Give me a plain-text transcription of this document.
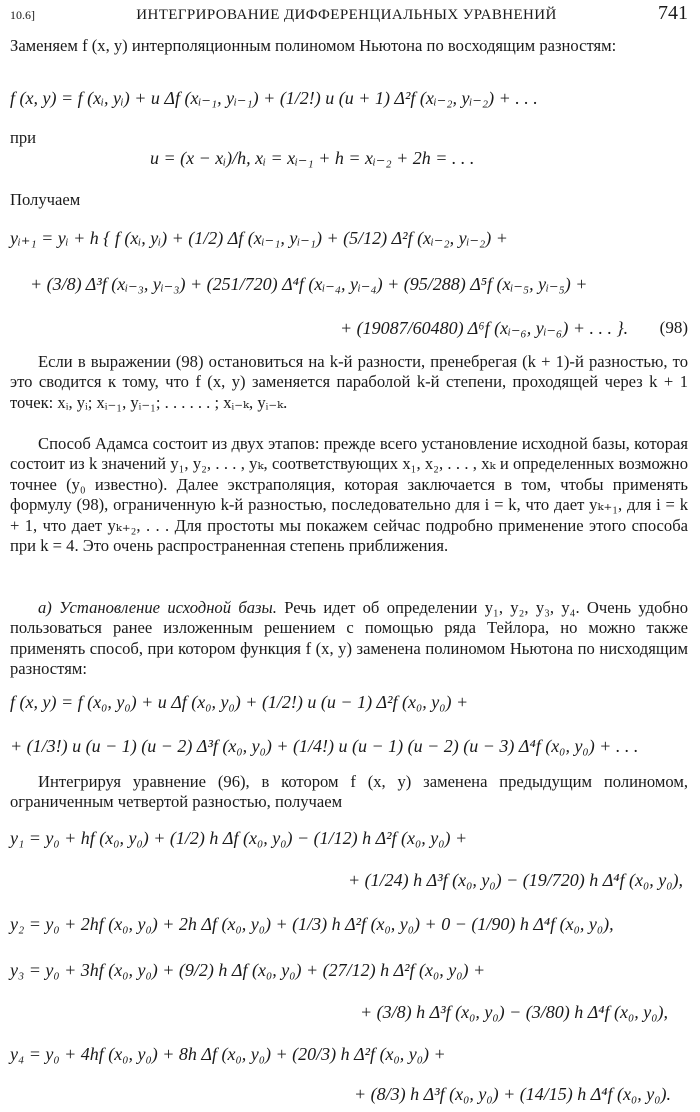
10.6]	ИНТЕГРИРОВАНИЕ ДИФФЕРЕНЦИАЛЬНЫХ УРАВНЕНИЙ	741

Заменяем f (x, y) интерполяционным полиномом Ньютона по восходящим разностям:

f (x, y) = f (xᵢ, yᵢ) + u Δf (xᵢ₋₁, yᵢ₋₁) + (1/2!) u (u + 1) Δ²f (xᵢ₋₂, yᵢ₋₂) + . . .

при

u = (x − xᵢ)/h, xᵢ = xᵢ₋₁ + h = xᵢ₋₂ + 2h = . . .

Получаем

yᵢ₊₁ = yᵢ + h { f (xᵢ, yᵢ) + (1/2) Δf (xᵢ₋₁, yᵢ₋₁) + (5/12) Δ²f (xᵢ₋₂, yᵢ₋₂) +
+ (3/8) Δ³f (xᵢ₋₃, yᵢ₋₃) + (251/720) Δ⁴f (xᵢ₋₄, yᵢ₋₄) + (95/288) Δ⁵f (xᵢ₋₅, yᵢ₋₅) +
+ (19087/60480) Δ⁶f (xᵢ₋₆, yᵢ₋₆) + . . . }. (98)

Если в выражении (98) остановиться на k-й разности, пренебрегая (k + 1)-й разностью, то это сводится к тому, что f (x, y) заменяется параболой k-й степени, проходящей через k + 1 точек: xᵢ, yᵢ; xᵢ₋₁, yᵢ₋₁; . . . . . . ; xᵢ₋ₖ, yᵢ₋ₖ.

Способ Адамса состоит из двух этапов: прежде всего установление исходной базы, которая состоит из k значений y₁, y₂, . . . , yₖ, соответствующих x₁, x₂, . . . , xₖ и определенных возможно точнее (y₀ известно). Далее экстраполяция, которая заключается в том, чтобы применять формулу (98), ограниченную k-й разностью, последовательно для i = k, что дает yₖ₊₁, для i = k + 1, что дает yₖ₊₂, . . . Для простоты мы покажем сейчас подробно применение этого способа при k = 4. Это очень распространенная степень приближения.

а) Установление исходной базы. Речь идет об определении y₁, y₂, y₃, y₄. Очень удобно пользоваться ранее изложенным решением с помощью ряда Тейлора, но можно также применять способ, при котором функция f (x, y) заменена полиномом Ньютона по нисходящим разностям:

f (x, y) = f (x₀, y₀) + u Δf (x₀, y₀) + (1/2!) u (u − 1) Δ²f (x₀, y₀) +
+ (1/3!) u (u − 1) (u − 2) Δ³f (x₀, y₀) + (1/4!) u (u − 1) (u − 2) (u − 3) Δ⁴f (x₀, y₀) + . . .

Интегрируя уравнение (96), в котором f (x, y) заменена предыдущим полиномом, ограниченным четвертой разностью, получаем

y₁ = y₀ + hf (x₀, y₀) + (1/2) h Δf (x₀, y₀) − (1/12) h Δ²f (x₀, y₀) +
+ (1/24) h Δ³f (x₀, y₀) − (19/720) h Δ⁴f (x₀, y₀),
y₂ = y₀ + 2hf (x₀, y₀) + 2h Δf (x₀, y₀) + (1/3) h Δ²f (x₀, y₀) + 0 − (1/90) h Δ⁴f (x₀, y₀),
y₃ = y₀ + 3hf (x₀, y₀) + (9/2) h Δf (x₀, y₀) + (27/12) h Δ²f (x₀, y₀) +
+ (3/8) h Δ³f (x₀, y₀) − (3/80) h Δ⁴f (x₀, y₀),
y₄ = y₀ + 4hf (x₀, y₀) + 8h Δf (x₀, y₀) + (20/3) h Δ²f (x₀, y₀) +
+ (8/3) h Δ³f (x₀, y₀) + (14/15) h Δ⁴f (x₀, y₀).
